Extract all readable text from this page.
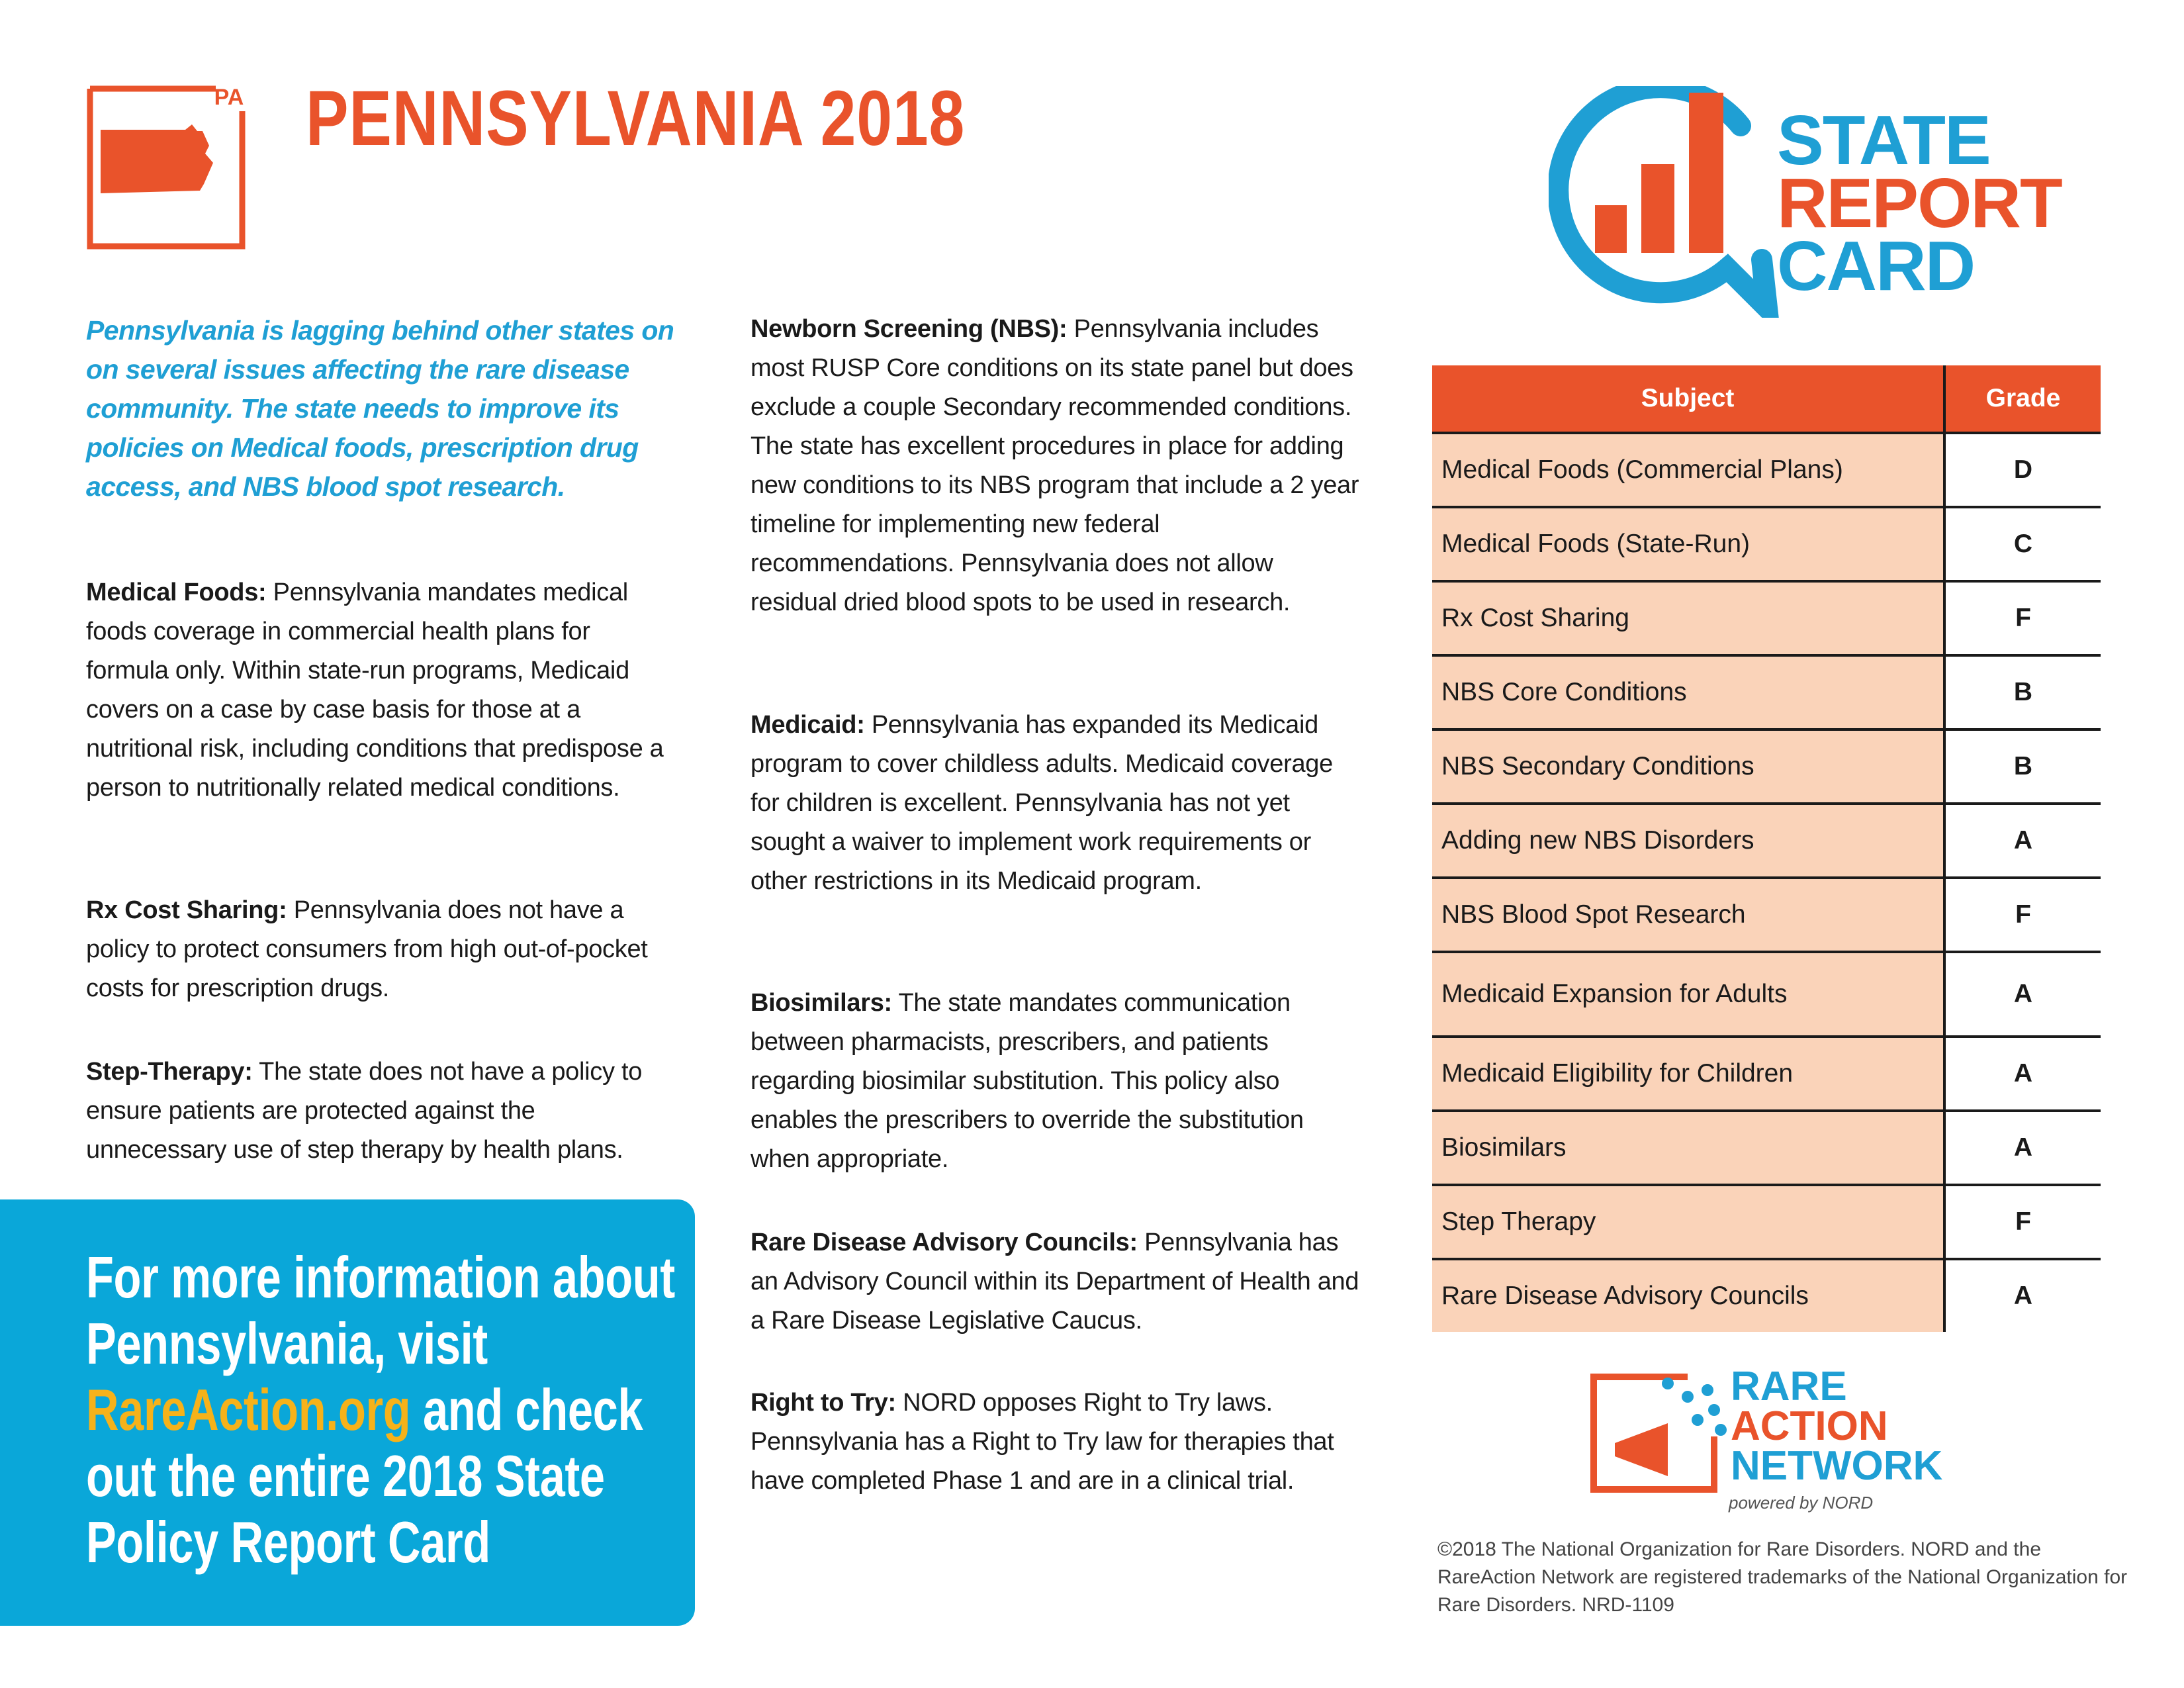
PA PENNSYLVANIA 2018	STATE
REPORT
CARD
Pennsylvania is lagging behind other states on on several issues affecting the rare disease community. The state needs to improve its policies on Medical foods, prescription drug access, and NBS blood spot research.
Medical Foods: Pennsylvania mandates medical foods coverage in commercial health plans for formula only. Within state-run programs, Medicaid covers on a case by case basis for those at a nutritional risk, including conditions that predispose a person to nutritionally related medical conditions.
Rx Cost Sharing: Pennsylvania does not have a policy to protect consumers from high out-of-pocket costs for prescription drugs.
Step-Therapy: The state does not have a policy to ensure patients are protected against the unnecessary use of step therapy by health plans.
Newborn Screening (NBS): Pennsylvania includes most RUSP Core conditions on its state panel but does exclude a couple Secondary recommended conditions. The state has excellent procedures in place for adding new conditions to its NBS program that include a 2 year timeline for implementing new federal recommendations. Pennsylvania does not allow residual dried blood spots to be used in research.
Medicaid: Pennsylvania has expanded its Medicaid program to cover childless adults. Medicaid coverage for children is excellent. Pennsylvania has not yet sought a waiver to implement work requirements or other restrictions in its Medicaid program.
Biosimilars: The state mandates communication between pharmacists, prescribers, and patients regarding biosimilar substitution. This policy also enables the prescribers to override the substitution when appropriate.
Rare Disease Advisory Councils: Pennsylvania has an Advisory Council within its Department of Health and a Rare Disease Legislative Caucus.
Right to Try: NORD opposes Right to Try laws. Pennsylvania has a Right to Try law for therapies that have completed Phase 1 and are in a clinical trial.
For more information about Pennsylvania, visit RareAction.org and check out the entire 2018 State Policy Report Card
Subject	Grade
Medical Foods (Commercial Plans)	D
Medical Foods (State-Run)	C
Rx Cost Sharing	F
NBS Core Conditions	B
NBS Secondary Conditions	B
Adding new NBS Disorders	A
NBS Blood Spot Research	F
Medicaid Expansion for Adults	A
Medicaid Eligibility for Children	A
Biosimilars	A
Step Therapy	F
Rare Disease Advisory Councils	A
RARE
ACTION
NETWORK
powered by NORD
©2018 The National Organization for Rare Disorders. NORD and the RareAction Network are registered trademarks of the National Organization for Rare Disorders. NRD-1109
